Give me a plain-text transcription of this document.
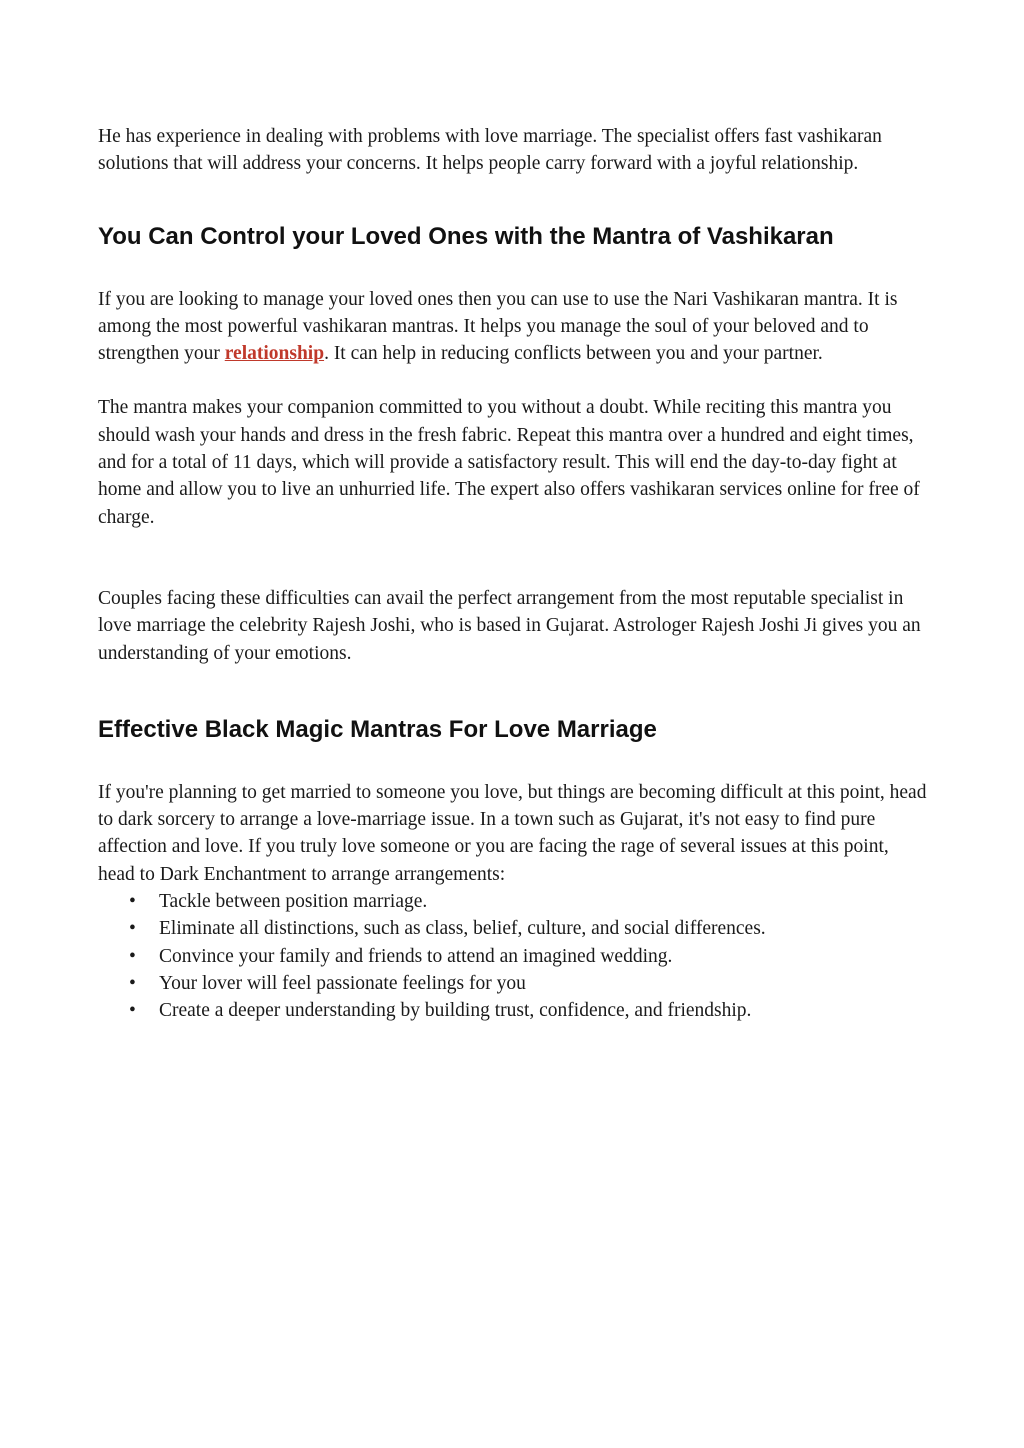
He has experience in dealing with problems with love marriage. The specialist offers fast vashikaran solutions that will address your concerns. It helps people carry forward with a joyful relationship.

You Can Control your Loved Ones with the Mantra of Vashikaran

If you are looking to manage your loved ones then you can use to use the Nari Vashikaran mantra. It is among the most powerful vashikaran mantras. It helps you manage the soul of your beloved and to strengthen your relationship. It can help in reducing conflicts between you and your partner.

The mantra makes your companion committed to you without a doubt. While reciting this mantra you should wash your hands and dress in the fresh fabric. Repeat this mantra over a hundred and eight times, and for a total of 11 days, which will provide a satisfactory result. This will end the day-to-day fight at home and allow you to live an unhurried life. The expert also offers vashikaran services online for free of charge.

Couples facing these difficulties can avail the perfect arrangement from the most reputable specialist in love marriage the celebrity Rajesh Joshi, who is based in Gujarat. Astrologer Rajesh Joshi Ji gives you an understanding of your emotions.

Effective Black Magic Mantras For Love Marriage

If you're planning to get married to someone you love, but things are becoming difficult at this point, head to dark sorcery to arrange a love-marriage issue. In a town such as Gujarat, it's not easy to find pure affection and love. If you truly love someone or you are facing the rage of several issues at this point, head to Dark Enchantment to arrange arrangements:

• Tackle between position marriage.
• Eliminate all distinctions, such as class, belief, culture, and social differences.
• Convince your family and friends to attend an imagined wedding.
• Your lover will feel passionate feelings for you
• Create a deeper understanding by building trust, confidence, and friendship.
